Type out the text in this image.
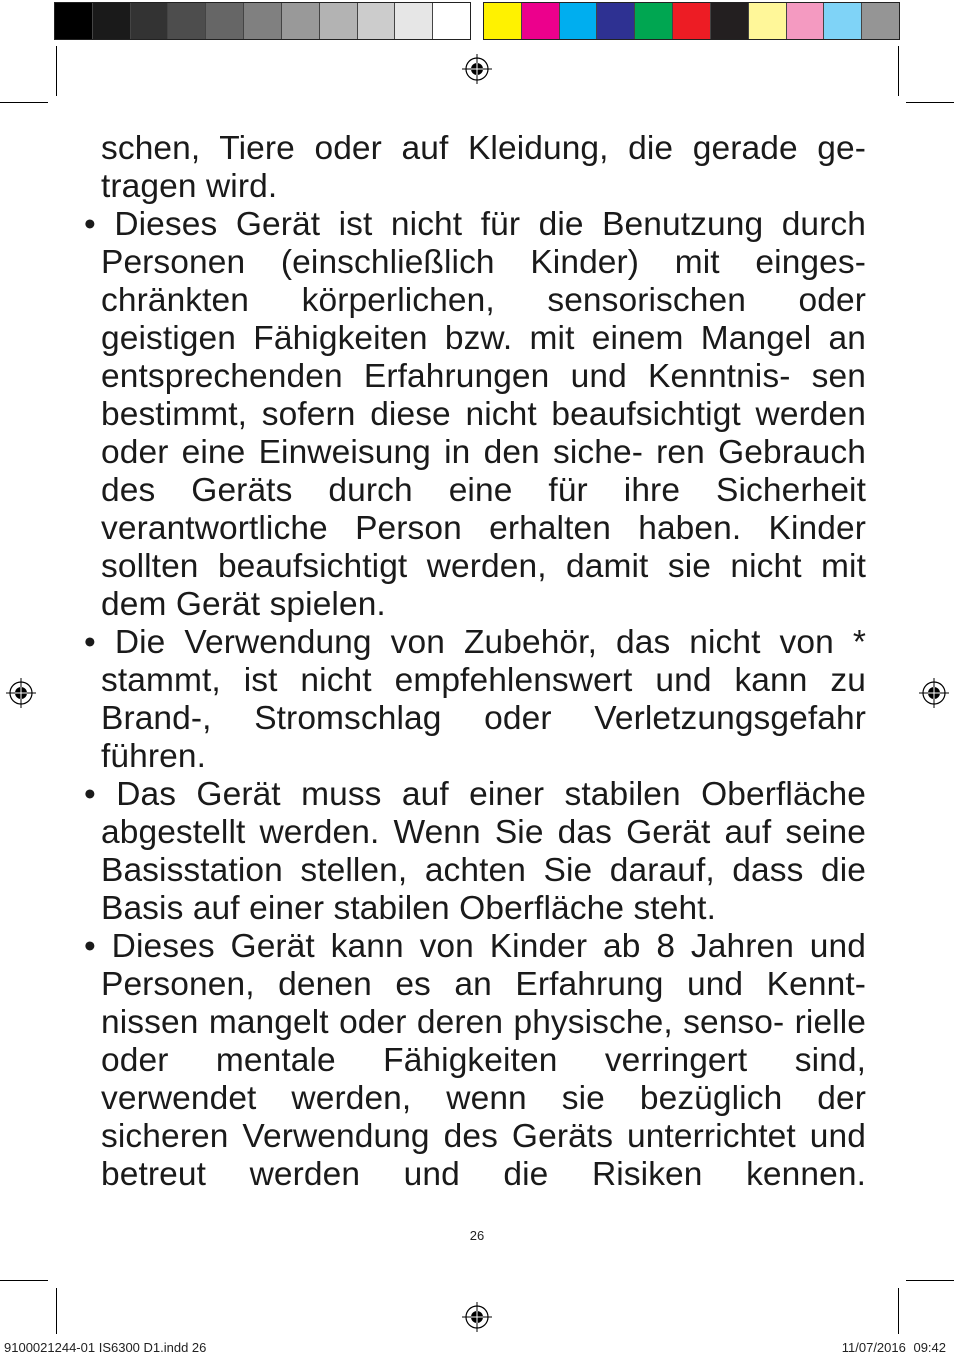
schen, Tiere oder auf Kleidung, die gerade ge- tragen wird.

• Dieses Gerät ist nicht für die Benutzung durch Personen (einschließlich Kinder) mit einges- chränkten körperlichen, sensorischen oder geistigen Fähigkeiten bzw. mit einem Mangel an entsprechenden Erfahrungen und Kenntnis- sen bestimmt, sofern diese nicht beaufsichtigt werden oder eine Einweisung in den siche- ren Gebrauch des Geräts durch eine für ihre Sicherheit verantwortliche Person erhalten haben. Kinder sollten beaufsichtigt werden, damit sie nicht mit dem Gerät spielen.

• Die Verwendung von Zubehör, das nicht von * stammt, ist nicht empfehlenswert und kann zu Brand-, Stromschlag oder Verletzungsgefahr führen.

• Das Gerät muss auf einer stabilen Oberfläche abgestellt werden. Wenn Sie das Gerät auf seine Basisstation stellen, achten Sie darauf, dass die Basis auf einer stabilen Oberfläche steht.

• Dieses Gerät kann von Kinder ab 8 Jahren und Personen, denen es an Erfahrung und Kennt- nissen mangelt oder deren physische, senso- rielle oder mentale Fähigkeiten verringert sind, verwendet werden, wenn sie bezüglich der sicheren Verwendung des Geräts unterrichtet und betreut werden und die Risiken kennen.

26
9100021244-01 IS6300 D1.indd 26	11/07/2016 09:42
